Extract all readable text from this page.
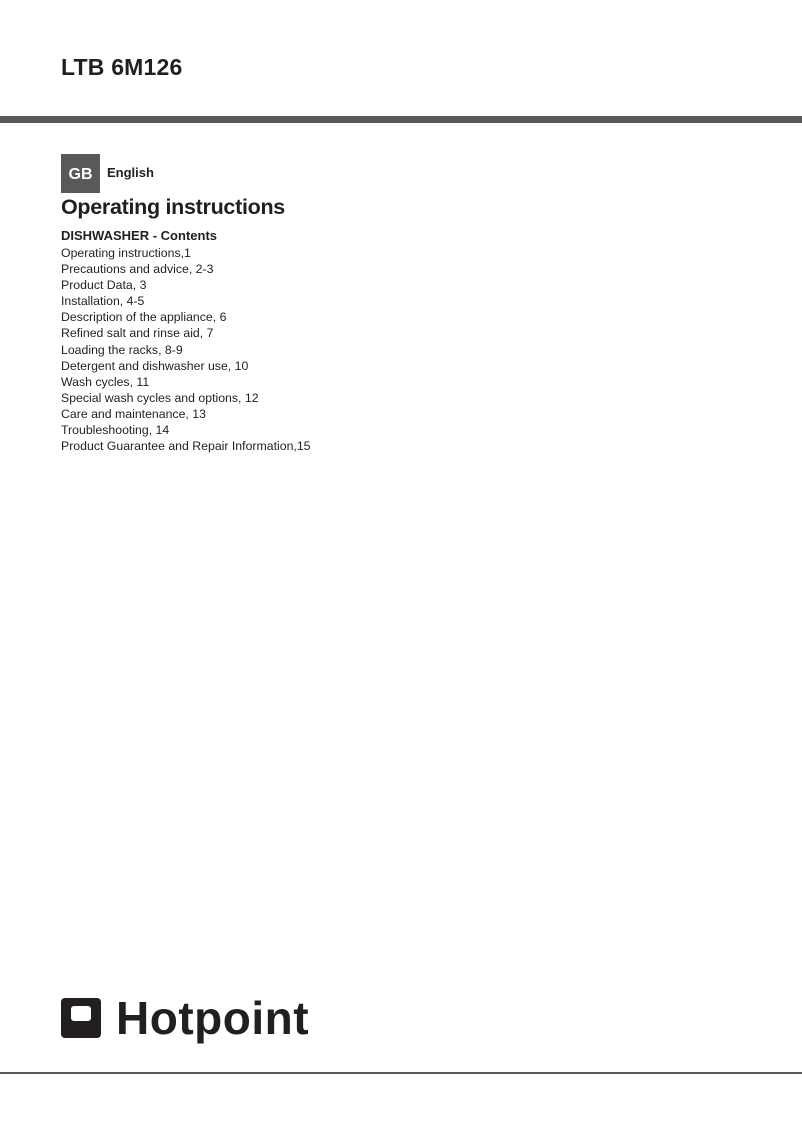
LTB 6M126
GB	English
Operating instructions
DISHWASHER - Contents
Operating instructions,1
Precautions and advice, 2-3
Product Data, 3
Installation, 4-5
Description of the appliance, 6
Refined salt and rinse aid, 7
Loading the racks, 8-9
Detergent and dishwasher use, 10
Wash cycles, 11
Special wash cycles and options, 12
Care and maintenance, 13
Troubleshooting, 14
Product Guarantee and Repair Information,15
Hotpoint
